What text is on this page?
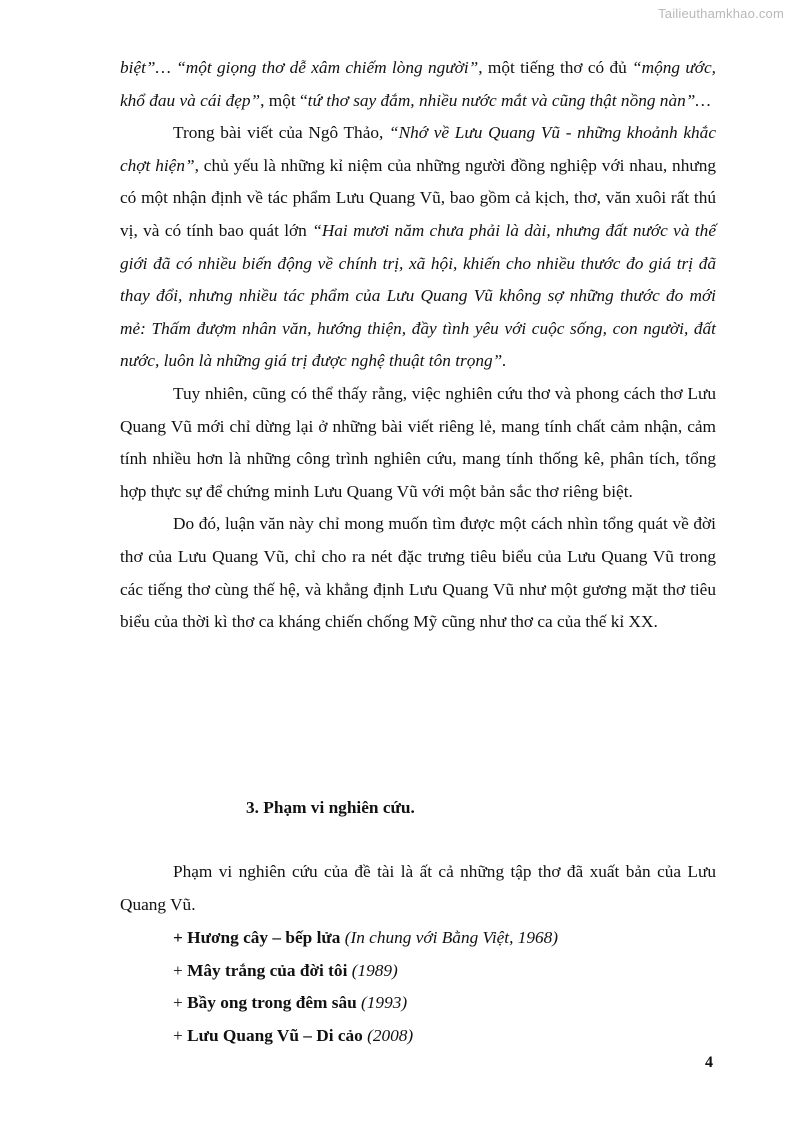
Tailieuthamkhao.com

biệt”… “một giọng thơ dễ xâm chiếm lòng người”, một tiếng thơ có đủ “mộng ước, khổ đau và cái đẹp”, một “tứ thơ say đắm, nhiều nước mắt và cũng thật nồng nàn”…

Trong bài viết của Ngô Thảo, “Nhớ về Lưu Quang Vũ - những khoảnh khắc chợt hiện”, chủ yếu là những kỉ niệm của những người đồng nghiệp với nhau, nhưng có một nhận định về tác phẩm Lưu Quang Vũ, bao gồm cả kịch, thơ, văn xuôi rất thú vị, và có tính bao quát lớn “Hai mươi năm chưa phải là dài, nhưng đất nước và thế giới đã có nhiều biến động về chính trị, xã hội, khiến cho nhiều thước đo giá trị đã thay đổi, nhưng nhiều tác phẩm của Lưu Quang Vũ không sợ những thước đo mới mẻ: Thấm đượm nhân văn, hướng thiện, đầy tình yêu với cuộc sống, con người, đất nước, luôn là những giá trị được nghệ thuật tôn trọng”.

Tuy nhiên, cũng có thể thấy rằng, việc nghiên cứu thơ và phong cách thơ Lưu Quang Vũ mới chỉ dừng lại ở những bài viết riêng lẻ, mang tính chất cảm nhận, cảm tính nhiều hơn là những công trình nghiên cứu, mang tính thống kê, phân tích, tổng hợp thực sự để chứng minh Lưu Quang Vũ với một bản sắc thơ riêng biệt.

Do đó, luận văn này chỉ mong muốn tìm được một cách nhìn tổng quát về đời thơ của Lưu Quang Vũ, chỉ cho ra nét đặc trưng tiêu biểu của Lưu Quang Vũ trong các tiếng thơ cùng thế hệ, và khẳng định Lưu Quang Vũ như một gương mặt thơ tiêu biểu của thời kì thơ ca kháng chiến chống Mỹ cũng như thơ ca của thế kỉ XX.

3. Phạm vi nghiên cứu.

Phạm vi nghiên cứu của đề tài là ất cả những tập thơ đã xuất bản của Lưu Quang Vũ.

+ Hương cây – bếp lửa (In chung với Bằng Việt, 1968)

+ Mây trắng của đời tôi (1989)

+ Bầy ong trong đêm sâu (1993)

+ Lưu Quang Vũ – Di cảo (2008)

4
